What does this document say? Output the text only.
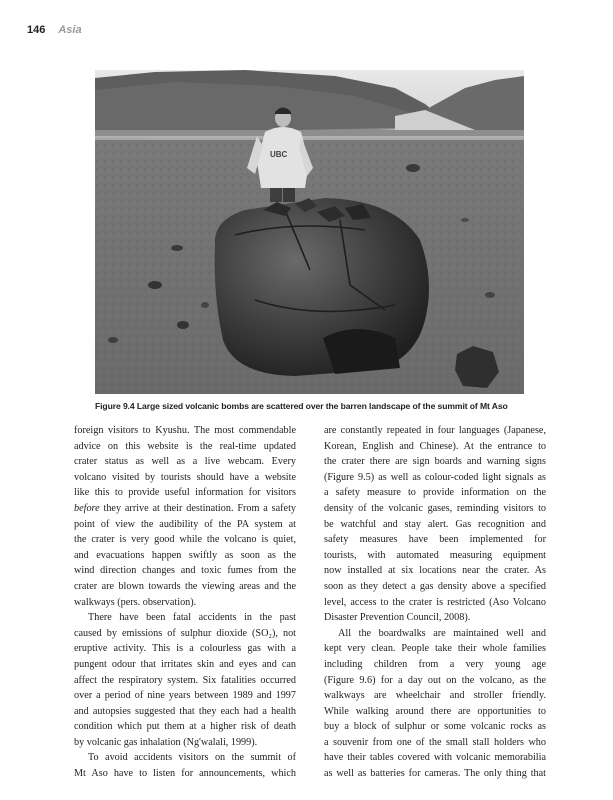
146 Asia
UBC
Figure 9.4 Large sized volcanic bombs are scattered over the barren landscape of the summit of Mt Aso

foreign visitors to Kyushu. The most commendable
advice on this website is the real-time updated
crater status as well as a live webcam. Every
volcano visited by tourists should have a website
like this to provide useful information for visitors
before they arrive at their destination. From a safety
point of view the audibility of the PA system at
the crater is very good while the volcano is quiet,
and evacuations happen swiftly as soon as the
wind direction changes and toxic fumes from the
crater are blown towards the viewing areas and the
walkways (pers. observation).

There have been fatal accidents in the past
caused by emissions of sulphur dioxide (SO₂), not
eruptive activity. This is a colourless gas with a
pungent odour that irritates skin and eyes and can
affect the respiratory system. Six fatalities occurred
over a period of nine years between 1989 and 1997
and autopsies suggested that they each had a health
condition which put them at a higher risk of death
by volcanic gas inhalation (Ng'walali, 1999).

To avoid accidents visitors on the summit of
Mt Aso have to listen for announcements, which

are constantly repeated in four languages (Japanese,
Korean, English and Chinese). At the entrance to
the crater there are sign boards and warning signs
(Figure 9.5) as well as colour-coded light signals as
a safety measure to provide information on the
density of the volcanic gases, reminding visitors to
be watchful and stay alert. Gas recognition and
safety measures have been implemented for
tourists, with automated measuring equipment
now installed at six locations near the crater. As
soon as they detect a gas density above a specified
level, access to the crater is restricted (Aso Volcano
Disaster Prevention Council, 2008).

All the boardwalks are maintained well and
kept very clean. People take their whole families
including children from a very young age
(Figure 9.6) for a day out on the volcano, as the
walkways are wheelchair and stroller friendly.
While walking around there are opportunities to
buy a block of sulphur or some volcanic rocks as
a souvenir from one of the small stall holders who
have their tables covered with volcanic memorabilia
as well as batteries for cameras. The only thing that
